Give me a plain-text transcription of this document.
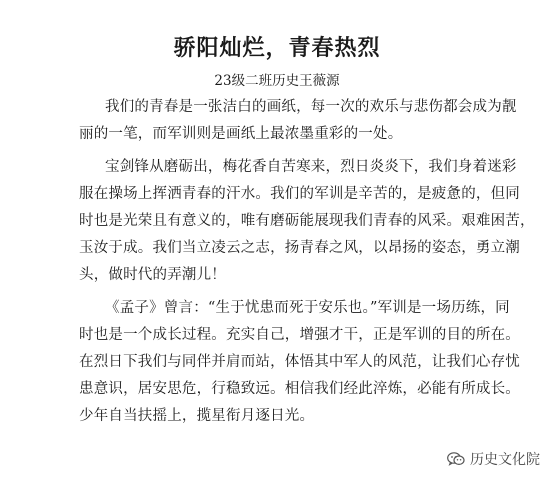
骄阳灿烂，青春热烈
23级二班历史王薇源
我们的青春是一张洁白的画纸，每一次的欢乐与悲伤都会成为靓
丽的一笔，而军训则是画纸上最浓墨重彩的一处。
宝剑锋从磨砺出，梅花香自苦寒来，烈日炎炎下，我们身着迷彩
服在操场上挥洒青春的汗水。我们的军训是辛苦的，是疲惫的，但同
时也是光荣且有意义的，唯有磨砺能展现我们青春的风采。艰难困苦，
玉汝于成。我们当立凌云之志，扬青春之风，以昂扬的姿态，勇立潮
头，做时代的弄潮儿！
《孟子》曾言：“生于忧患而死于安乐也。”军训是一场历练，同
时也是一个成长过程。充实自己，增强才干，正是军训的目的所在。
在烈日下我们与同伴并肩而站，体悟其中军人的风范，让我们心存忧
患意识，居安思危，行稳致远。相信我们经此淬炼，必能有所成长。
少年自当扶摇上，揽星衔月逐日光。
历史文化院
